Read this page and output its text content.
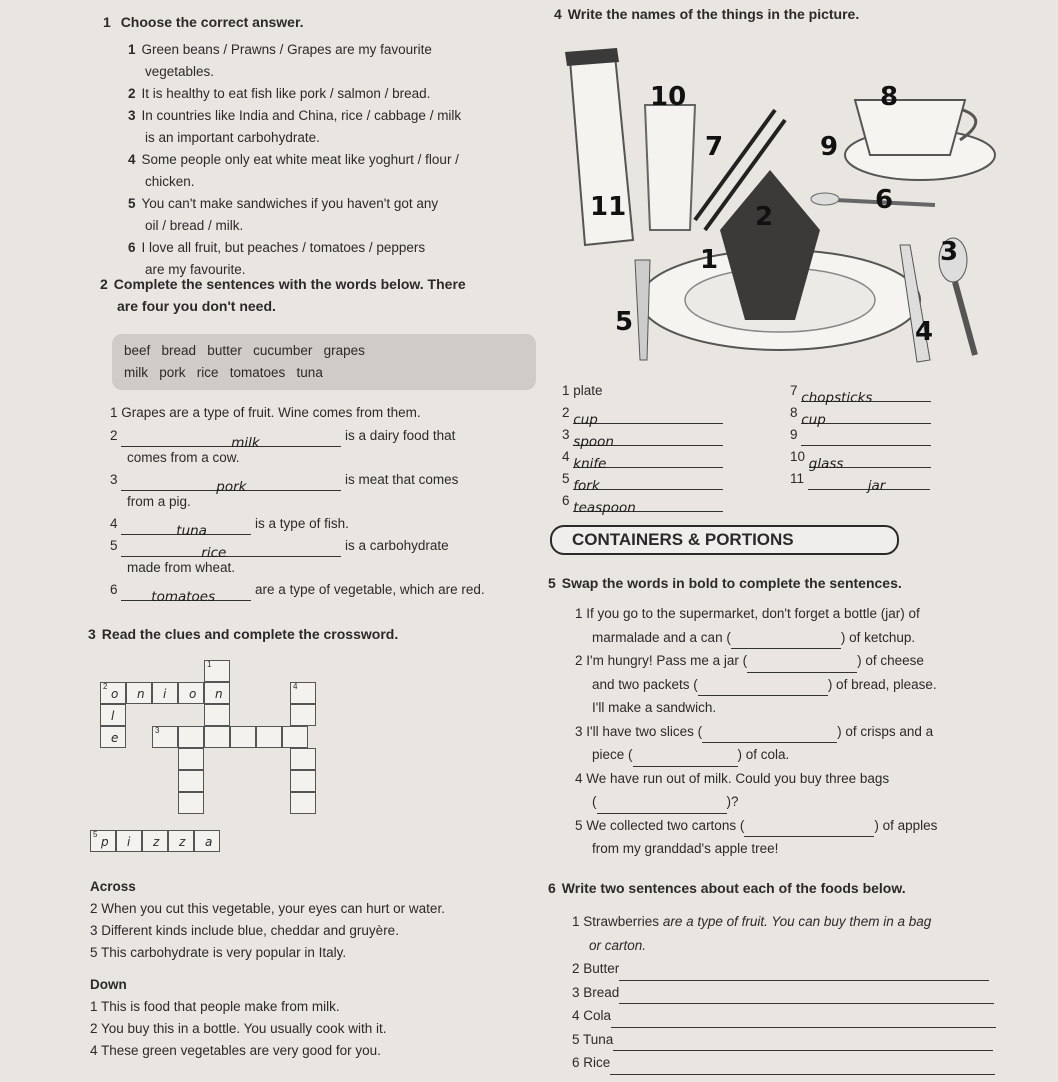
1 Choose the correct answer.
1 Green beans / Prawns / Grapes are my favourite
vegetables.
2 It is healthy to eat fish like pork / salmon / bread.
3 In countries like India and China, rice / cabbage / milk
is an important carbohydrate.
4 Some people only eat white meat like yoghurt / flour /
chicken.
5 You can't make sandwiches if you haven't got any
oil / bread / milk.
6 I love all fruit, but peaches / tomatoes / peppers
are my favourite.
2 Complete the sentences with the words below. There
are four you don't need.
beef   bread   butter   cucumber   grapes
milk   pork   rice   tomatoes   tuna
1 Grapes are a type of fruit. Wine comes from them.
2	milk	is a dairy food that
comes from a cow.
3	pork	is meat that comes
from a pig.
4	tuna	is a type of fish.
5	rice	is a carbohydrate
made from wheat.
6	tomatoes	are a type of vegetable, which are red.
3 Read the clues and complete the crossword.
1
2
o n i o n
l
e
3
4
5
p i z z a
Across
2 When you cut this vegetable, your eyes can hurt or water.
3 Different kinds include blue, cheddar and gruyère.
5 This carbohydrate is very popular in Italy.
Down
1 This is food that people make from milk.
2 You buy this in a bottle. You usually cook with it.
4 These green vegetables are very good for you.
4 Write the names of the things in the picture.
10
11
7
8
9
6
2
3
4
5
1
1 plate
2 cup
3 spoon
4 knife
5 fork
6 teaspoon
7 chopsticks
8 cup
9
10 glass
11	jar
CONTAINERS & PORTIONS
5 Swap the words in bold to complete the sentences.
1 If you go to the supermarket, don't forget a bottle (jar) of
marmalade and a can (	) of ketchup.
2 I'm hungry! Pass me a jar (	) of cheese
and two packets (	) of bread, please.
I'll make a sandwich.
3 I'll have two slices (	) of crisps and a
piece (	) of cola.
4 We have run out of milk. Could you buy three bags
(	)?
5 We collected two cartons (	) of apples
from my granddad's apple tree!
6 Write two sentences about each of the foods below.
1 Strawberries are a type of fruit. You can buy them in a bag
or carton.
2 Butter
3 Bread
4 Cola
5 Tuna
6 Rice
